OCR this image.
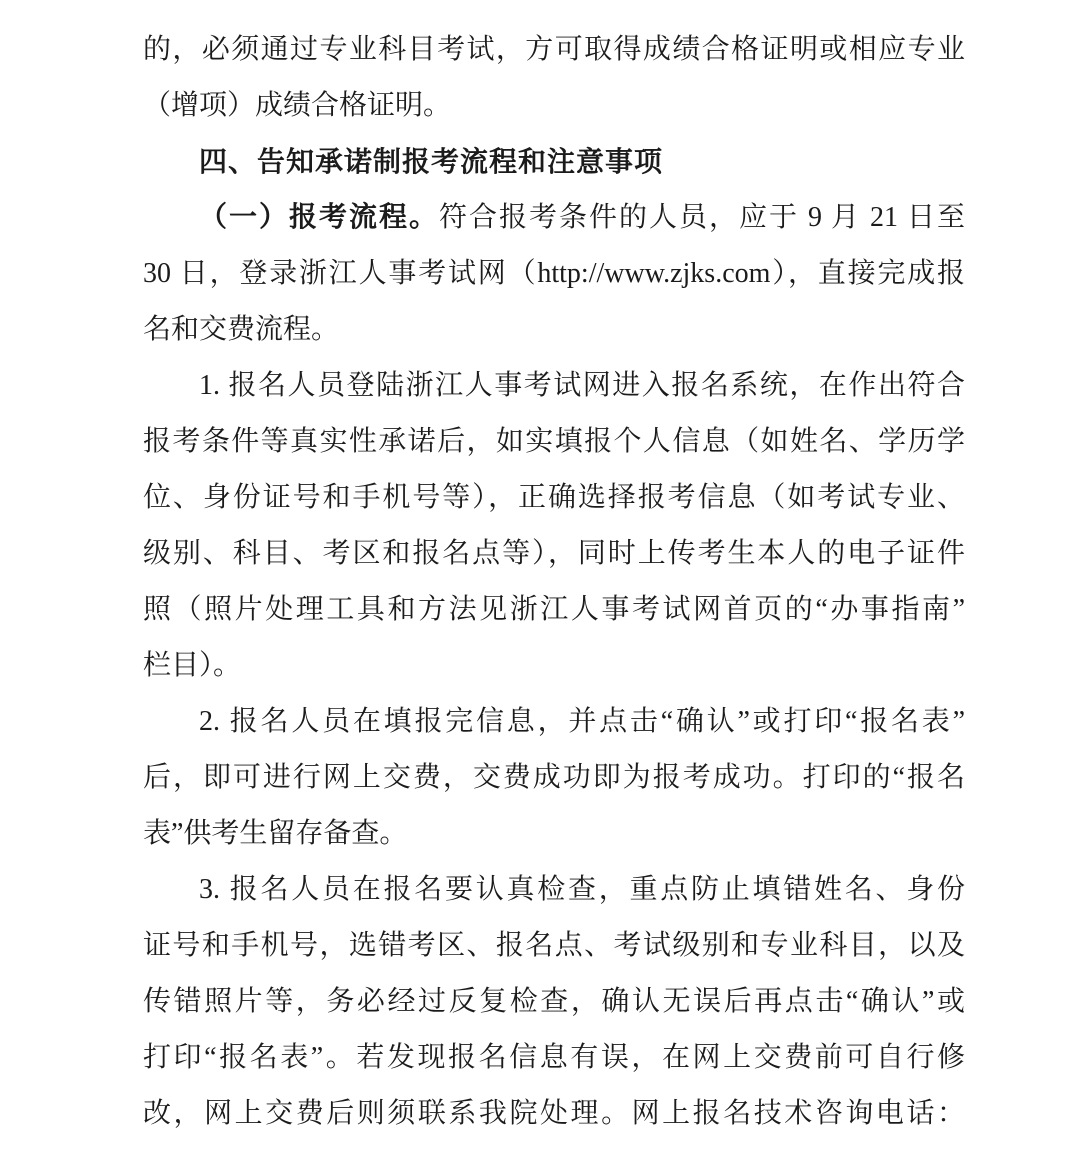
的，必须通过专业科目考试，方可取得成绩合格证明或相应专业
（增项）成绩合格证明。
四、告知承诺制报考流程和注意事项
（一）报考流程。符合报考条件的人员，应于 9 月 21 日至
30 日，登录浙江人事考试网（http://www.zjks.com），直接完成报
名和交费流程。
1. 报名人员登陆浙江人事考试网进入报名系统，在作出符合
报考条件等真实性承诺后，如实填报个人信息（如姓名、学历学
位、身份证号和手机号等），正确选择报考信息（如考试专业、
级别、科目、考区和报名点等），同时上传考生本人的电子证件
照（照片处理工具和方法见浙江人事考试网首页的“办事指南”
栏目）。
2. 报名人员在填报完信息，并点击“确认”或打印“报名表”
后，即可进行网上交费，交费成功即为报考成功。打印的“报名
表”供考生留存备查。
3. 报名人员在报名要认真检查，重点防止填错姓名、身份
证号和手机号，选错考区、报名点、考试级别和专业科目，以及
传错照片等，务必经过反复检查，确认无误后再点击“确认”或
打印“报名表”。若发现报名信息有误，在网上交费前可自行修
改，网上交费后则须联系我院处理。网上报名技术咨询电话：
